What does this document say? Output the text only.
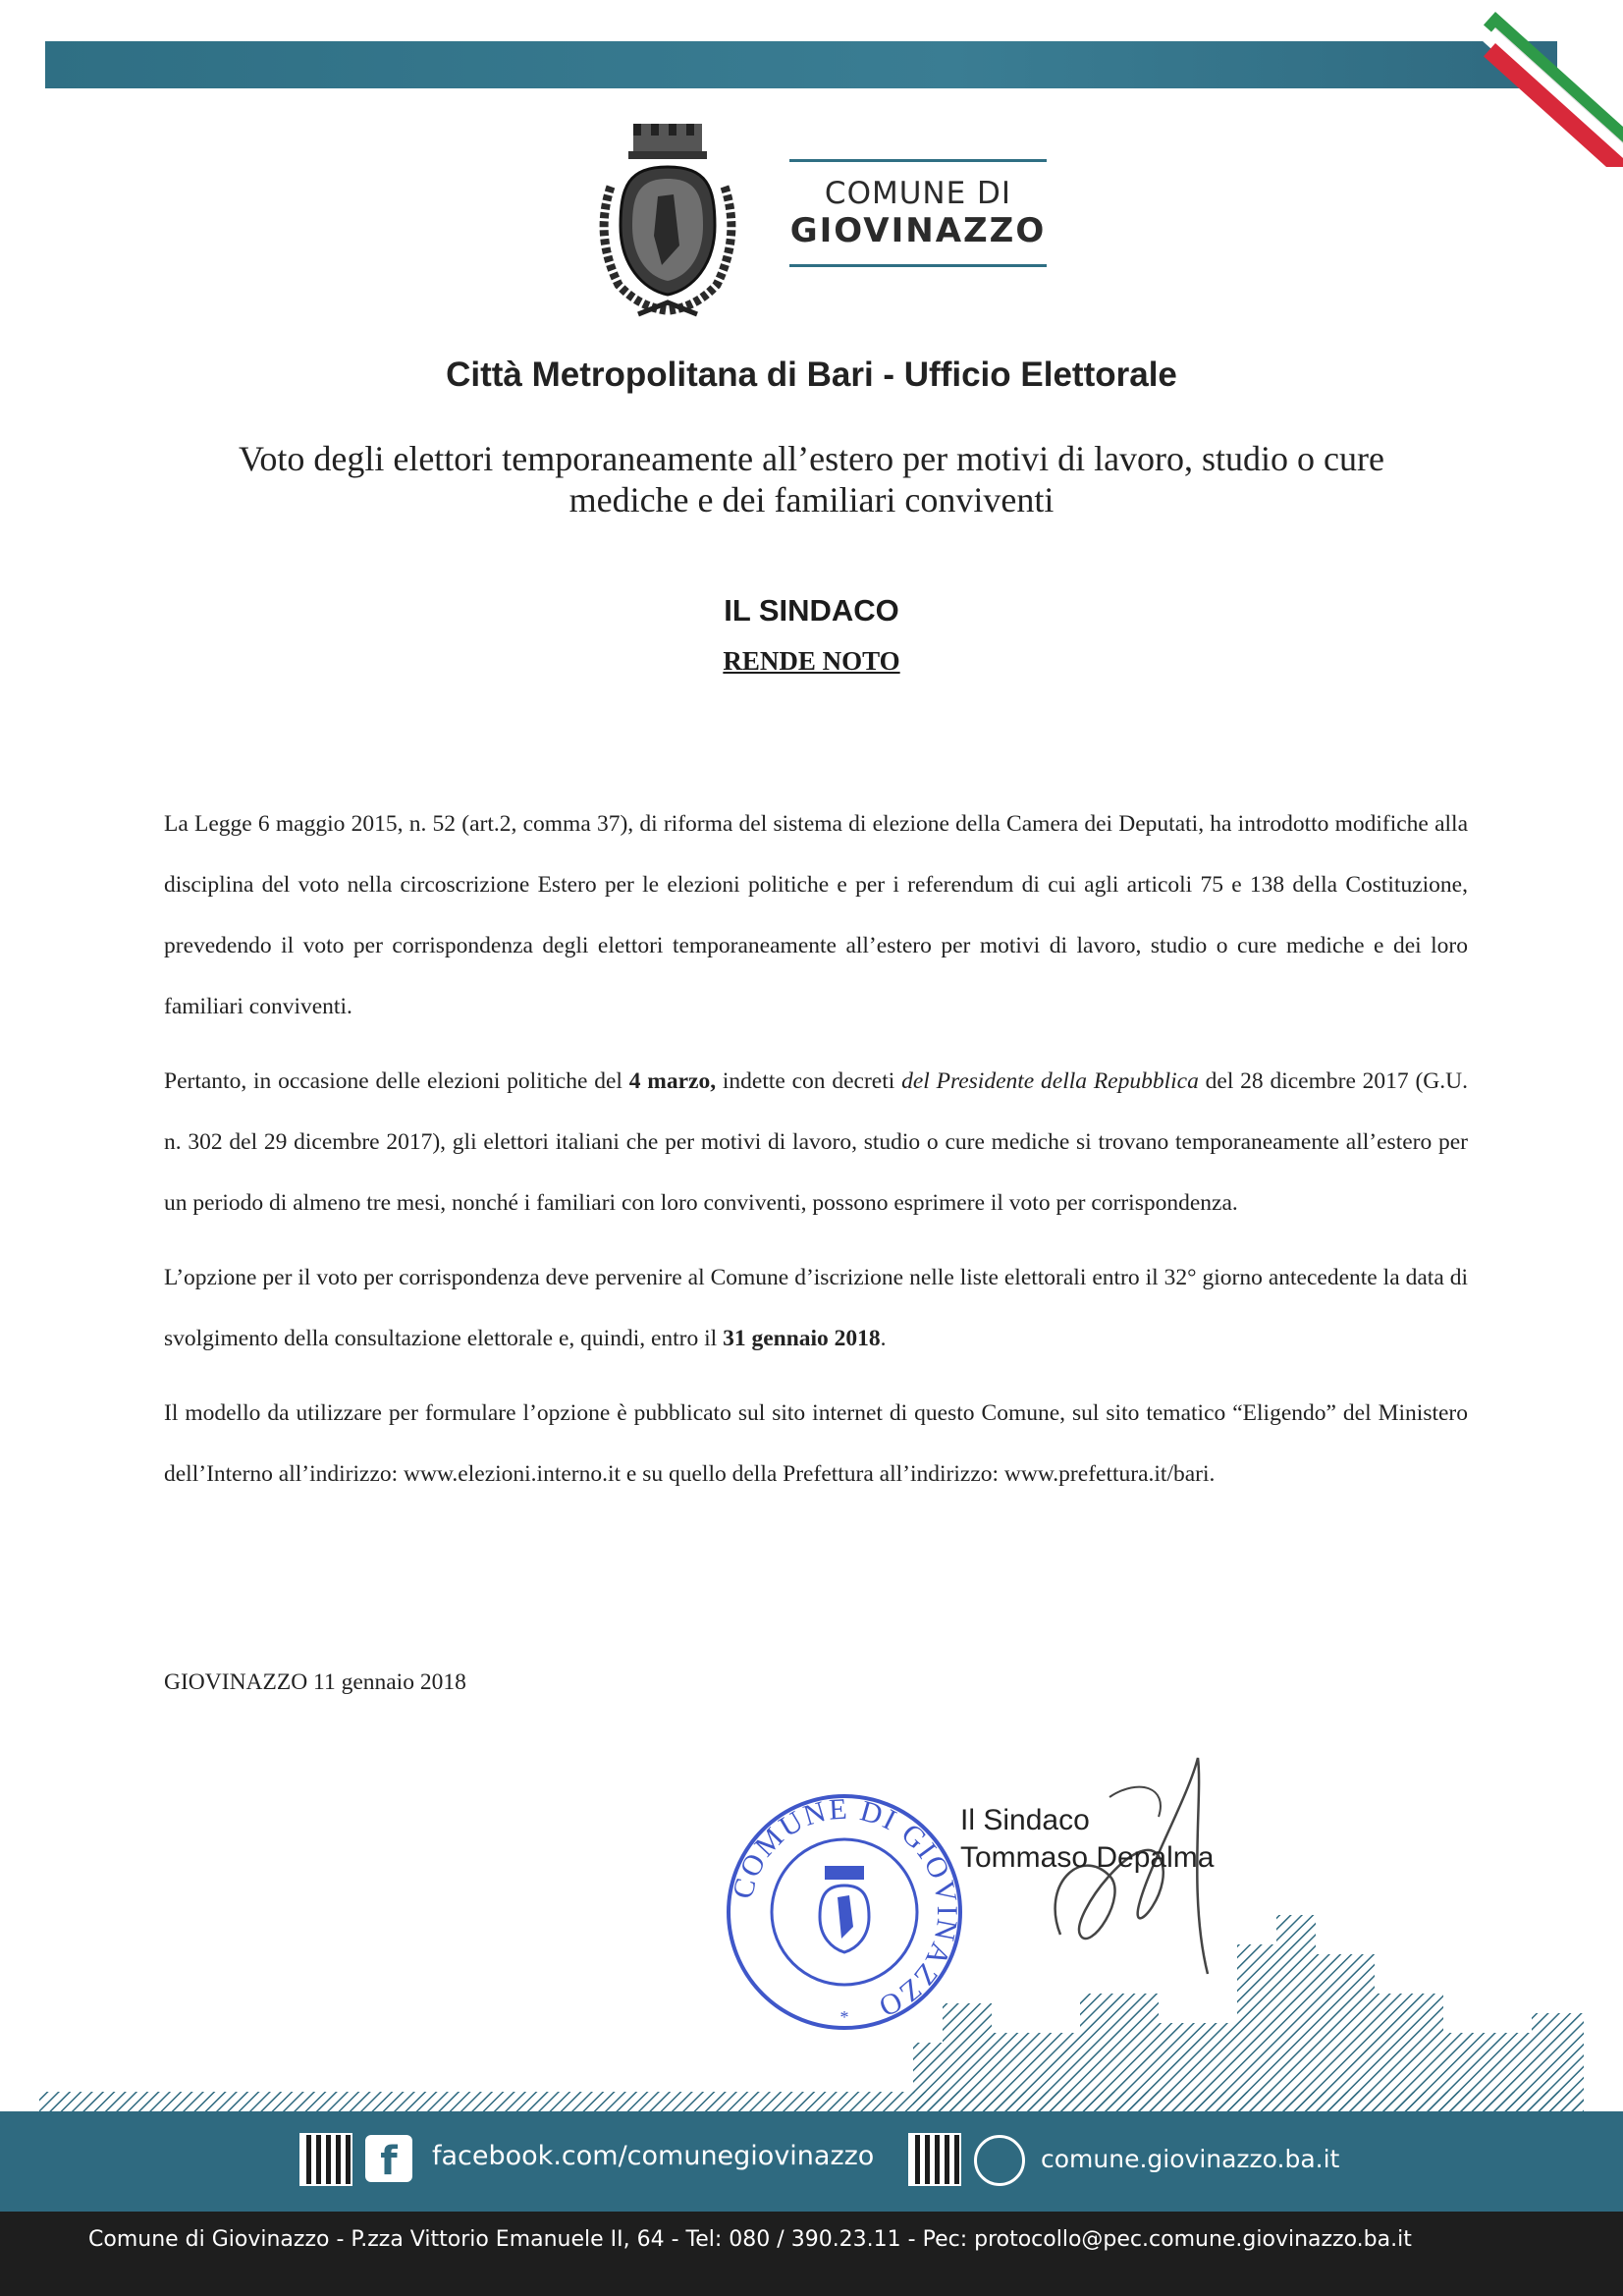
COMUNE DI
GIOVINAZZO
Città Metropolitana di Bari - Ufficio Elettorale
Voto degli elettori temporaneamente all’estero per motivi di lavoro, studio o cure
mediche e dei familiari conviventi
IL SINDACO
RENDE NOTO

La Legge 6 maggio 2015, n. 52 (art.2, comma 37), di riforma del sistema di elezione della Camera dei Deputati, ha introdotto modifiche alla disciplina del voto nella circoscrizione Estero per le elezioni politiche e per i referendum di cui agli articoli 75 e 138 della Costituzione, prevedendo il voto per corrispondenza degli elettori temporaneamente all’estero per motivi di lavoro, studio o cure mediche e dei loro familiari conviventi.

Pertanto, in occasione delle elezioni politiche del 4 marzo, indette con decreti del Presidente della Repubblica del 28 dicembre 2017 (G.U. n. 302 del 29 dicembre 2017), gli elettori italiani che per motivi di lavoro, studio o cure mediche si trovano temporaneamente all’estero per un periodo di almeno tre mesi, nonché i familiari con loro conviventi, possono esprimere il voto per corrispondenza.

L’opzione per il voto per corrispondenza deve pervenire al Comune d’iscrizione nelle liste elettorali entro il 32° giorno antecedente la data di svolgimento della consultazione elettorale e, quindi, entro il 31 gennaio 2018.

Il modello da utilizzare per formulare l’opzione è pubblicato sul sito internet di questo Comune, sul sito tematico “Eligendo” del Ministero dell’Interno all’indirizzo: www.elezioni.interno.it e su quello della Prefettura all’indirizzo: www.prefettura.it/bari.

GIOVINAZZO 11 gennaio 2018
COMUNE DI GIOVINAZZO
*
Il Sindaco
Tommaso Depalma
f	facebook.com/comunegiovinazzo	comune.giovinazzo.ba.it
Comune di Giovinazzo - P.zza Vittorio Emanuele II, 64 - Tel: 080 / 390.23.11 - Pec: protocollo@pec.comune.giovinazzo.ba.it
